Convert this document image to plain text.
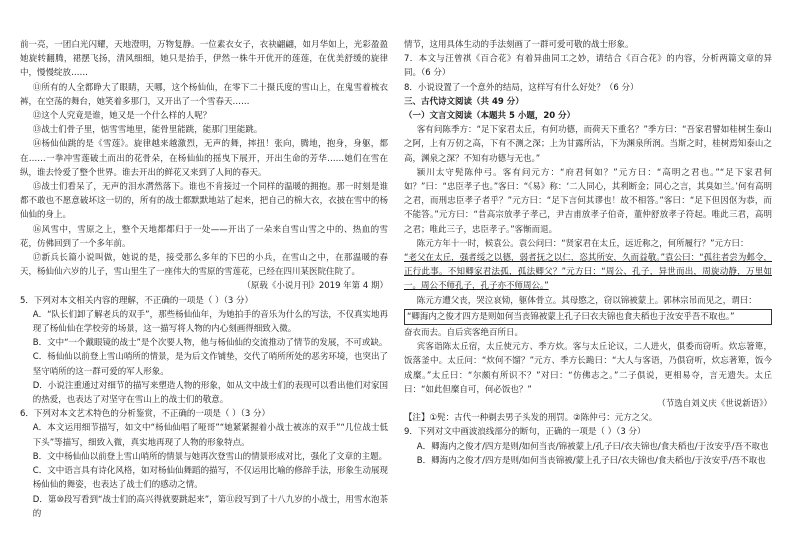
前一亮，一团白光闪耀，天地澄明，万物复静。一位素衣女子，衣袂翩翩，如月华如上，光彩盈盈她旋转翻腾，裙摆飞扬，清风细细，她只是抬手，伊然一株牛开优开的莲莲，在优美舒缓的旋律中，慢慢绽放……

⑪所有的人全都睁大了眼睛，天哪，这个杨仙仙，在零下二十摄氏度的雪山上，在鬼雪着梳衣裤，在空荡的舞台，她笑着多那门，又开出了一个雪春天……

⑫这个人究竟是谁，她又是一个什么样的人呢？

⑬战士们骨子里，惦雪雪地里，能骨里能跳，能那门里能跳。

⑭杨仙仙跳的是《雪莲》。旋律越来越激烈，无声的舞，摔扭！张向，腾地，抱身，身躯，都在……一拳冲雪莲破土而出的花骨朵，在杨仙仙的摇曳下展开，开出生命的芳华……她们在雪在纵，谁去怜爱了整个世界。谁去开出的鲜花又来到了人间的春天。

⑮战士们看呆了，无声的泪水潸然落下。谁也不肯接过一个同样的温暖的拥抱。那一时刻是谁都不敢也不愿意破坏这一切的，所有的战士都默默地站了起来，把自己的棉大衣，衣披在雪中的杨仙仙的身上。

⑯风雪中，雪原之上，整个天地都都归于一处——开出了一朵来自雪山雪之中的、热血的雪花，仿佛回到了一个多年前。

⑰新兵长篇小说叫做，她说的是，接受那么多年的下巴的小兵，在雪山之中，在那温暖的春天，杨仙仙六岁的儿子，雪山里生了一座伟大的雪原的雪莲花，已经在四川某医院住院了。

（原载《小说月刊》2019 年第 4 期）

5．下列对本文相关内容的理解，不正确的一项是（ ）（3 分）

A．“队长们卸了解老兵的双手”，那些杨仙仙年，为她拍手的音乐为什么的写法，不仅真实地再现了杨仙仙在学校旁的场景，这一描写将人物的内心刻画得细致入微。

B．文中“一个戴眼镜的战士”是个次要人物，他与杨仙仙的交流推动了情节的发展，不可或缺。

C．杨仙仙以前登上雪山哨所的情景，是为后文作铺垫，交代了哨所所处的恶劣环境，也突出了坚守哨所的这一群可爱的军人形象。

D．小说注重通过对细节的描写来塑造人物的形象，如从文中战士们的表现可以看出他们对家国的热爱，也表达了对坚守在雪山上的战士们的敬意。

6．下列对本文艺术特色的分析鉴赏，不正确的一项是（ ）（3 分）

A．本文运用细节描写，如文中“杨仙仙唱了哑哥”“她紧紧握着小战士被冻的双手”“几位战士低下头”等描写，细致入微，真实地再现了人物的形象特点。

B．文中杨仙仙以前登上雪山哨所的情景与她再次登雪山的情景形成对比，强化了文章的主题。

C．文中语言具有诗化风格，如对杨仙仙舞蹈的描写，不仅运用比喻的修辞手法，形象生动展现杨仙仙的舞姿，也表达了战士们的感动之情。

D．第⑩段写看到“战士们的高兴得就要跳起来”，第⑪段写到了十八九岁的小战士，用雪水泡茶的

情节，这用具体生动的手法刻画了一群可爱可敬的战士形象。

7．本文与汪曾祺《百合花》有着异曲同工之妙，请结合《百合花》的内容，分析两篇文章的异同。（6 分）

8．小说设置了一个意外的结局，这样写有什么好处？（6 分）

三、古代诗文阅读（共 49 分）

（一）文言文阅读（本题共 5 小题，20 分）

客有问陈季方：“足下家君太丘，有何功德，而荷天下重名？”季方曰：“吾家君譬如桂树生泰山之阿，上有万仞之高，下有不测之深；上为甘露所沾，下为渊泉所润。当斯之时，桂树焉知泰山之高，渊泉之深？不知有功德与无也。”

颍川太守髡陈仲弓。客有问元方：“府君何如？”元方曰：“高明之君也。”“足下家君何如？”曰：“忠臣孝子也。”客曰：“《易》称：‘二人同心，其利断金；同心之言，其臭如兰。’何有高明之君，而刑忠臣孝子者乎？”元方曰：“足下言何其谬也！故不相答。”客曰：“足下但因伛为恭，而不能答。”元方曰：“昔高宗放孝子孝己，尹吉甫放孝子伯奇，董仲舒放孝子符起。唯此三君，高明之君；唯此三子，忠臣孝子。”客惭而退。

陈元方年十一时，候袁公。袁公问曰：“贤家君在太丘，远近称之，何所履行？”元方曰：

“老父在太丘，强者绥之以德，弱者抚之以仁，恣其所安，久而益敬。”袁公曰：“孤往者尝为邺令，正行此事。不知卿家君法孤，孤法卿父？”元方曰：“周公、孔子，异世而出，周旋动静，万里如一。周公不师孔子，孔子亦不师周公。”

陈元方遭父丧，哭泣哀恸，躯体骨立。其母愍之，窃以锦被蒙上。郭林宗吊而见之，谓曰：

“卿海内之俊才四方是则如何当丧锦被蒙上孔子曰衣夫锦也食夫稻也于汝安乎吾不取也。”

奋衣而去。自后宾客绝百所日。

宾客诣陈太丘宿，太丘使元方、季方炊。客与太丘论议，二人进火，俱委而窃听。炊忘箸箄，饭落釜中。太丘问：“炊何不馏？”元方、季方长跪曰：“大人与客语，乃俱窃听，炊忘著箄，饭今成糜。”太丘曰：“尔颇有所识不？”对曰：“仿佛志之。”二子俱说，更相易夺，言无遗失。太丘曰：“如此但糜自可，何必饭也？”

（节选自刘义庆《世说新语》）

【注】①髡：古代一种剃去男子头发的刑罚。②陈仲弓：元方之父。

9．下列对文中画波浪线部分的断句，正确的一项是（ ）（3 分）

A．卿海内之俊才/四方是则/如何当丧/锦被蒙上/孔子曰/衣夫锦也/食夫稻也/于汝安乎/吾不取也

B．卿海内之俊才/四方是则/如何当丧锦被/蒙上孔子曰/衣夫锦也/食夫稻也/于汝安乎/吾不取也
